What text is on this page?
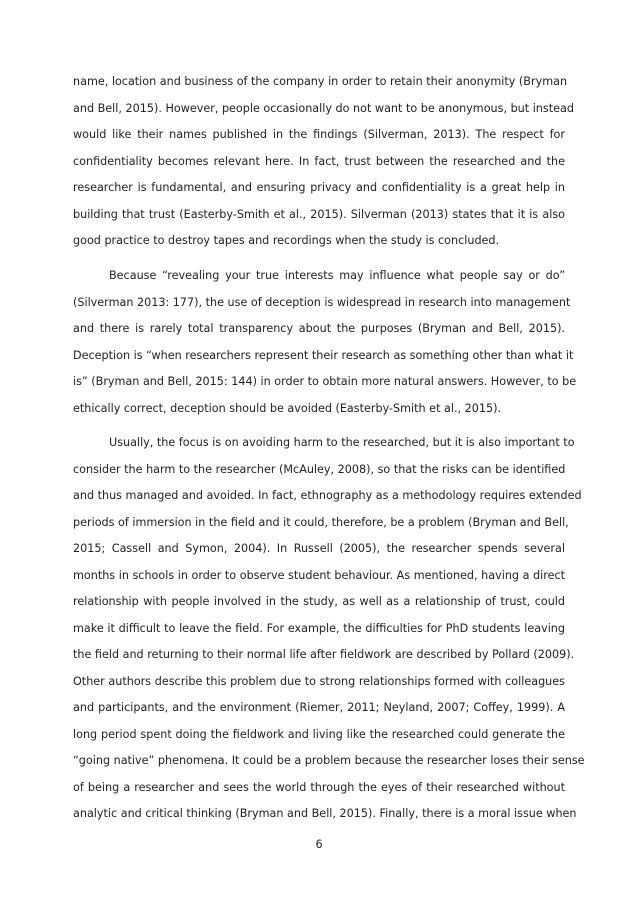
name, location and business of the company in order to retain their anonymity (Bryman
and Bell, 2015). However, people occasionally do not want to be anonymous, but instead
would like their names published in the findings (Silverman, 2013). The respect for
confidentiality becomes relevant here. In fact, trust between the researched and the
researcher is fundamental, and ensuring privacy and confidentiality is a great help in
building that trust (Easterby-Smith et al., 2015). Silverman (2013) states that it is also
good practice to destroy tapes and recordings when the study is concluded.
Because “revealing your true interests may influence what people say or do”
(Silverman 2013: 177), the use of deception is widespread in research into management
and there is rarely total transparency about the purposes (Bryman and Bell, 2015).
Deception is “when researchers represent their research as something other than what it
is” (Bryman and Bell, 2015: 144) in order to obtain more natural answers. However, to be
ethically correct, deception should be avoided (Easterby-Smith et al., 2015).
Usually, the focus is on avoiding harm to the researched, but it is also important to
consider the harm to the researcher (McAuley, 2008), so that the risks can be identified
and thus managed and avoided. In fact, ethnography as a methodology requires extended
periods of immersion in the field and it could, therefore, be a problem (Bryman and Bell,
2015; Cassell and Symon, 2004). In Russell (2005), the researcher spends several
months in schools in order to observe student behaviour. As mentioned, having a direct
relationship with people involved in the study, as well as a relationship of trust, could
make it difficult to leave the field. For example, the difficulties for PhD students leaving
the field and returning to their normal life after fieldwork are described by Pollard (2009).
Other authors describe this problem due to strong relationships formed with colleagues
and participants, and the environment (Riemer, 2011; Neyland, 2007; Coffey, 1999). A
long period spent doing the fieldwork and living like the researched could generate the
“going native” phenomena. It could be a problem because the researcher loses their sense
of being a researcher and sees the world through the eyes of their researched without
analytic and critical thinking (Bryman and Bell, 2015). Finally, there is a moral issue when
6
